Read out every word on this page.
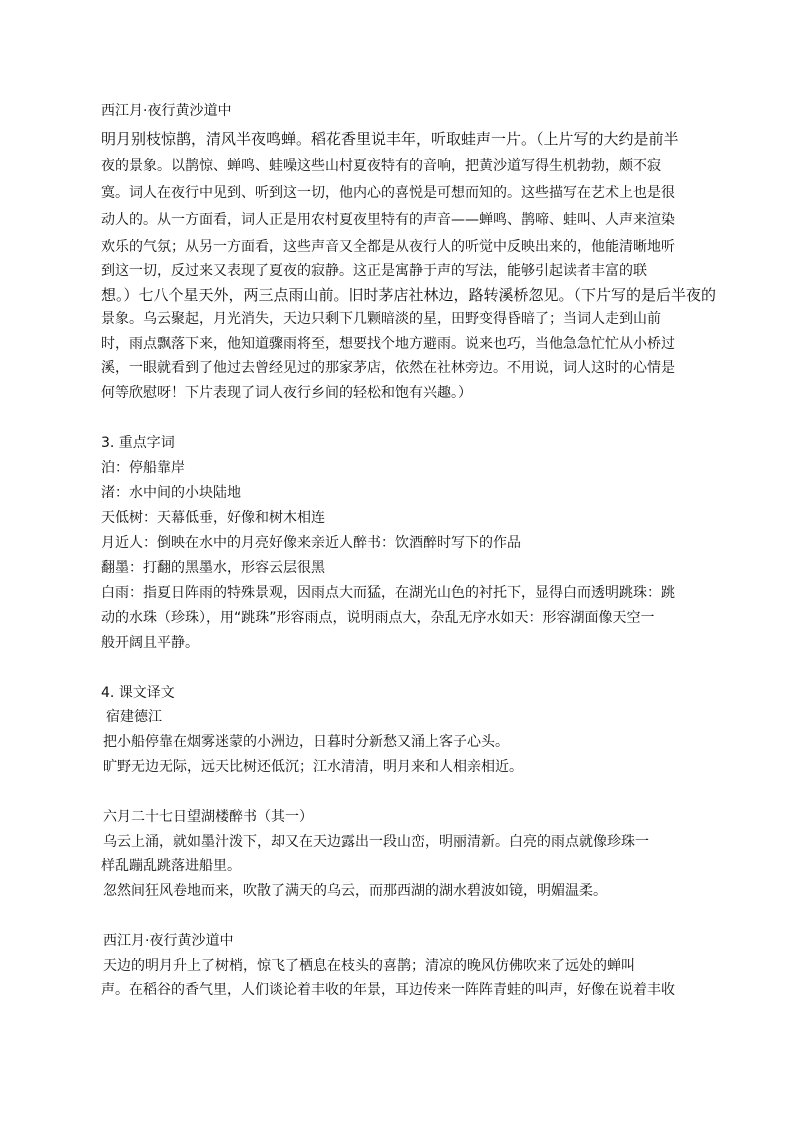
西江月·夜行黄沙道中
明月别枝惊鹊，清风半夜鸣蝉。稻花香里说丰年，听取蛙声一片。（上片写的大约是前半
夜的景象。以鹊惊、蝉鸣、蛙噪这些山村夏夜特有的音响，把黄沙道写得生机勃勃，颇不寂
寞。词人在夜行中见到、听到这一切，他内心的喜悦是可想而知的。这些描写在艺术上也是很
动人的。从一方面看，词人正是用农村夏夜里特有的声音——蝉鸣、鹊啼、蛙叫、人声来渲染
欢乐的气氛；从另一方面看，这些声音又全都是从夜行人的听觉中反映出来的，他能清晰地听
到这一切，反过来又表现了夏夜的寂静。这正是寓静于声的写法，能够引起读者丰富的联
想。）七八个星天外，两三点雨山前。旧时茅店社林边，路转溪桥忽见。（下片写的是后半夜的
景象。乌云聚起，月光消失，天边只剩下几颗暗淡的星，田野变得昏暗了；当词人走到山前
时，雨点飘落下来，他知道骤雨将至，想要找个地方避雨。说来也巧，当他急急忙忙从小桥过
溪，一眼就看到了他过去曾经见过的那家茅店，依然在社林旁边。不用说，词人这时的心情是
何等欣慰呀！下片表现了词人夜行乡间的轻松和饱有兴趣。）
3. 重点字词
泊：停船靠岸
渚：水中间的小块陆地
天低树：天幕低垂，好像和树木相连
月近人：倒映在水中的月亮好像来亲近人醉书：饮酒醉时写下的作品
翻墨：打翻的黑墨水，形容云层很黑
白雨：指夏日阵雨的特殊景观，因雨点大而猛，在湖光山色的衬托下，显得白而透明跳珠：跳
动的水珠（珍珠），用“跳珠”形容雨点，说明雨点大，杂乱无序水如天：形容湖面像天空一
般开阔且平静。
4. 课文译文
宿建德江
把小船停靠在烟雾迷蒙的小洲边，日暮时分新愁又涌上客子心头。
旷野无边无际，远天比树还低沉；江水清清，明月来和人相亲相近。
六月二十七日望湖楼醉书（其一）
乌云上涌，就如墨汁泼下，却又在天边露出一段山峦，明丽清新。白亮的雨点就像珍珠一
样乱蹦乱跳落进船里。
忽然间狂风卷地而来，吹散了满天的乌云，而那西湖的湖水碧波如镜，明媚温柔。
西江月·夜行黄沙道中
天边的明月升上了树梢，惊飞了栖息在枝头的喜鹊；清凉的晚风仿佛吹来了远处的蝉叫
声。在稻谷的香气里，人们谈论着丰收的年景，耳边传来一阵阵青蛙的叫声，好像在说着丰收
